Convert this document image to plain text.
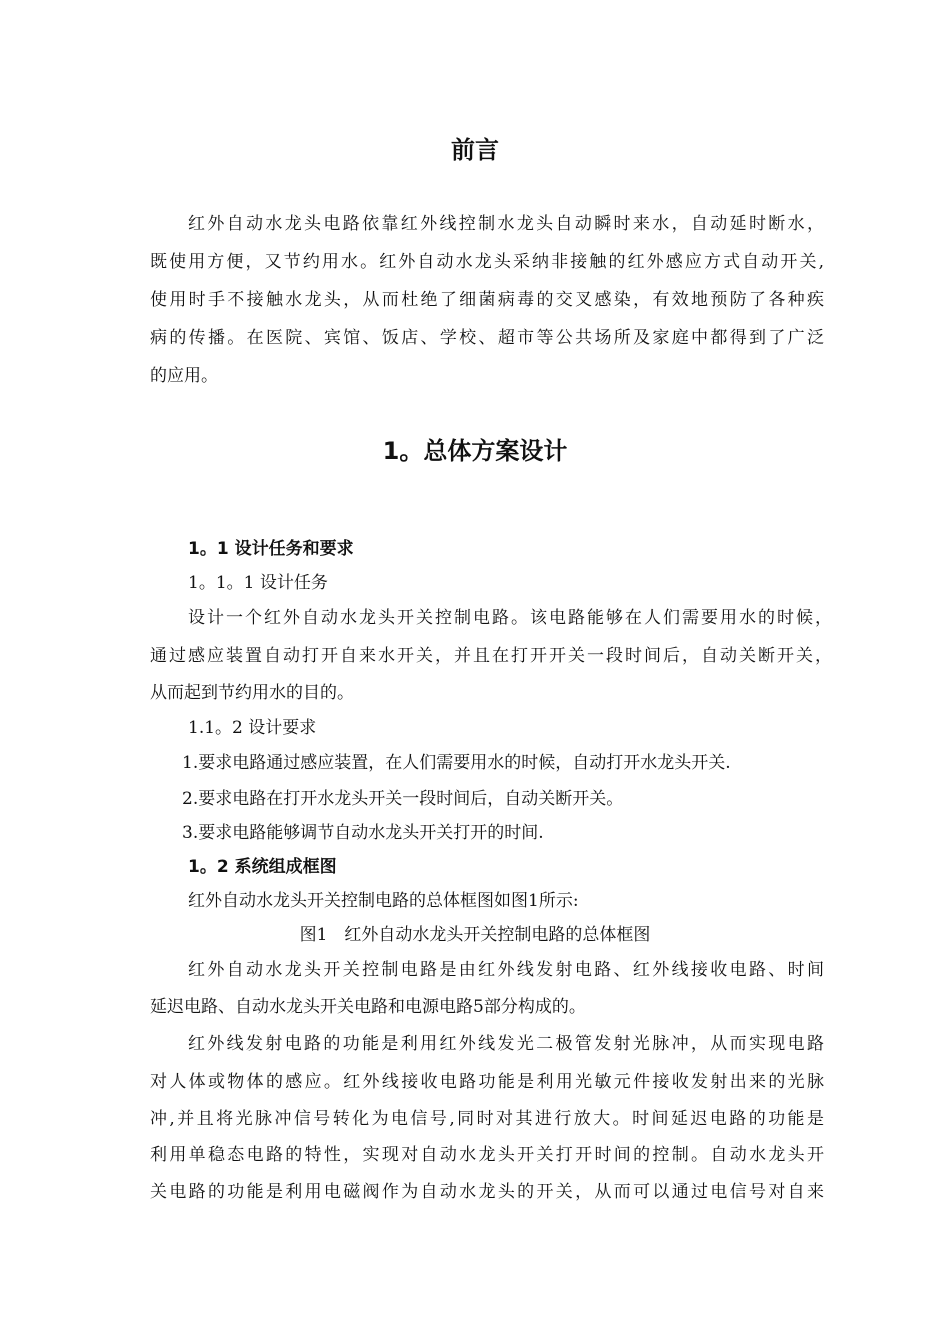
前言
红外自动水龙头电路依靠红外线控制水龙头自动瞬时来水，自动延时断水，
既使用方便，又节约用水。红外自动水龙头采纳非接触的红外感应方式自动开关,
使用时手不接触水龙头，从而杜绝了细菌病毒的交叉感染，有效地预防了各种疾
病的传播。在医院、宾馆、饭店、学校、超市等公共场所及家庭中都得到了广泛
的应用。
1。总体方案设计
1。1 设计任务和要求
1。1。1 设计任务
设计一个红外自动水龙头开关控制电路。该电路能够在人们需要用水的时候，
通过感应装置自动打开自来水开关，并且在打开开关一段时间后，自动关断开关，
从而起到节约用水的目的。
1.1。2 设计要求
1.要求电路通过感应装置，在人们需要用水的时候，自动打开水龙头开关.
2.要求电路在打开水龙头开关一段时间后，自动关断开关。
3.要求电路能够调节自动水龙头开关打开的时间.
1。2 系统组成框图
红外自动水龙头开关控制电路的总体框图如图1所示:
图1　红外自动水龙头开关控制电路的总体框图
红外自动水龙头开关控制电路是由红外线发射电路、红外线接收电路、时间
延迟电路、自动水龙头开关电路和电源电路5部分构成的。
红外线发射电路的功能是利用红外线发光二极管发射光脉冲，从而实现电路
对人体或物体的感应。红外线接收电路功能是利用光敏元件接收发射出来的光脉
冲,并且将光脉冲信号转化为电信号,同时对其进行放大。时间延迟电路的功能是
利用单稳态电路的特性，实现对自动水龙头开关打开时间的控制。自动水龙头开
关电路的功能是利用电磁阀作为自动水龙头的开关，从而可以通过电信号对自来
